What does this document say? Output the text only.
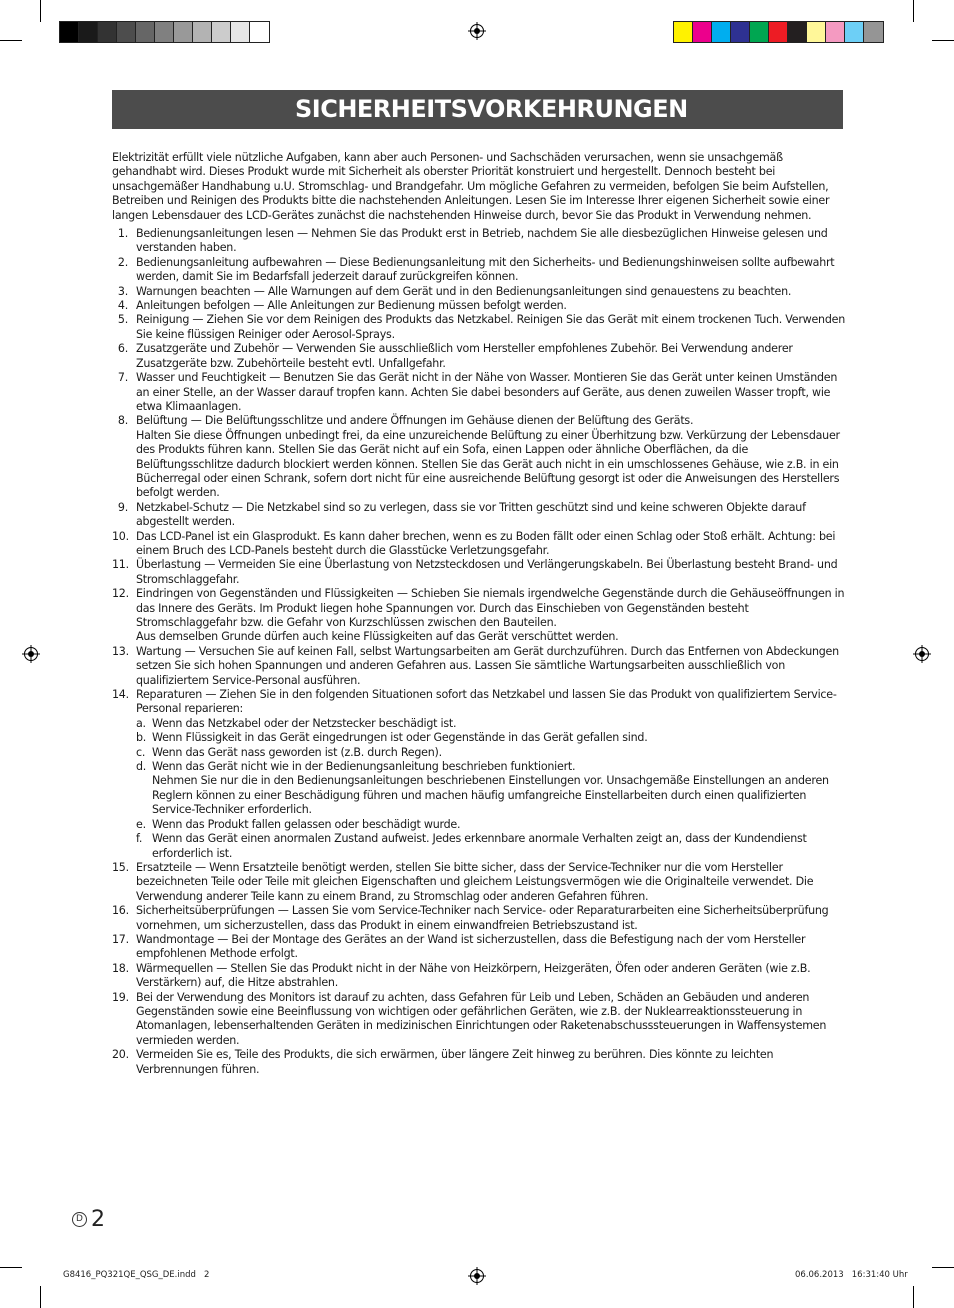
SICHERHEITSVORKEHRUNGEN

Elektrizität erfüllt viele nützliche Aufgaben, kann aber auch Personen- und Sachschäden verursachen, wenn sie unsachgemäß gehandhabt wird. Dieses Produkt wurde mit Sicherheit als oberster Priorität konstruiert und hergestellt. Dennoch besteht bei unsachgemäßer Handhabung u.U. Stromschlag- und Brandgefahr. Um mögliche Gefahren zu vermeiden, befolgen Sie beim Aufstellen, Betreiben und Reinigen des Produkts bitte die nachstehenden Anleitungen. Lesen Sie im Interesse Ihrer eigenen Sicherheit sowie einer langen Lebensdauer des LCD-Gerätes zunächst die nachstehenden Hinweise durch, bevor Sie das Produkt in Verwendung nehmen.

1. Bedienungsanleitungen lesen — Nehmen Sie das Produkt erst in Betrieb, nachdem Sie alle diesbezüglichen Hinweise gelesen und verstanden haben.
2. Bedienungsanleitung aufbewahren — Diese Bedienungsanleitung mit den Sicherheits- und Bedienungshinweisen sollte aufbewahrt werden, damit Sie im Bedarfsfall jederzeit darauf zurückgreifen können.
3. Warnungen beachten — Alle Warnungen auf dem Gerät und in den Bedienungsanleitungen sind genauestens zu beachten.
4. Anleitungen befolgen — Alle Anleitungen zur Bedienung müssen befolgt werden.
5. Reinigung — Ziehen Sie vor dem Reinigen des Produkts das Netzkabel. Reinigen Sie das Gerät mit einem trockenen Tuch. Verwenden Sie keine flüssigen Reiniger oder Aerosol-Sprays.
6. Zusatzgeräte und Zubehör — Verwenden Sie ausschließlich vom Hersteller empfohlenes Zubehör. Bei Verwendung anderer Zusatzgeräte bzw. Zubehörteile besteht evtl. Unfallgefahr.
7. Wasser und Feuchtigkeit — Benutzen Sie das Gerät nicht in der Nähe von Wasser. Montieren Sie das Gerät unter keinen Umständen an einer Stelle, an der Wasser darauf tropfen kann. Achten Sie dabei besonders auf Geräte, aus denen zuweilen Wasser tropft, wie etwa Klimaanlagen.
8. Belüftung — Die Belüftungsschlitze und andere Öffnungen im Gehäuse dienen der Belüftung des Geräts.
Halten Sie diese Öffnungen unbedingt frei, da eine unzureichende Belüftung zu einer Überhitzung bzw. Verkürzung der Lebensdauer des Produkts führen kann. Stellen Sie das Gerät nicht auf ein Sofa, einen Lappen oder ähnliche Oberflächen, da die Belüftungsschlitze dadurch blockiert werden können. Stellen Sie das Gerät auch nicht in ein umschlossenes Gehäuse, wie z.B. in ein Bücherregal oder einen Schrank, sofern dort nicht für eine ausreichende Belüftung gesorgt ist oder die Anweisungen des Herstellers befolgt werden.
9. Netzkabel-Schutz — Die Netzkabel sind so zu verlegen, dass sie vor Tritten geschützt sind und keine schweren Objekte darauf abgestellt werden.
10. Das LCD-Panel ist ein Glasprodukt. Es kann daher brechen, wenn es zu Boden fällt oder einen Schlag oder Stoß erhält. Achtung: bei einem Bruch des LCD-Panels besteht durch die Glasstücke Verletzungsgefahr.
11. Überlastung — Vermeiden Sie eine Überlastung von Netzsteckdosen und Verlängerungskabeln. Bei Überlastung besteht Brand- und Stromschlaggefahr.
12. Eindringen von Gegenständen und Flüssigkeiten — Schieben Sie niemals irgendwelche Gegenstände durch die Gehäuseöffnungen in das Innere des Geräts. Im Produkt liegen hohe Spannungen vor. Durch das Einschieben von Gegenständen besteht Stromschlaggefahr bzw. die Gefahr von Kurzschlüssen zwischen den Bauteilen.
Aus demselben Grunde dürfen auch keine Flüssigkeiten auf das Gerät verschüttet werden.
13. Wartung — Versuchen Sie auf keinen Fall, selbst Wartungsarbeiten am Gerät durchzuführen. Durch das Entfernen von Abdeckungen setzen Sie sich hohen Spannungen und anderen Gefahren aus. Lassen Sie sämtliche Wartungsarbeiten ausschließlich von qualifiziertem Service-Personal ausführen.
14. Reparaturen — Ziehen Sie in den folgenden Situationen sofort das Netzkabel und lassen Sie das Produkt von qualifiziertem Service-Personal reparieren:
a. Wenn das Netzkabel oder der Netzstecker beschädigt ist.
b. Wenn Flüssigkeit in das Gerät eingedrungen ist oder Gegenstände in das Gerät gefallen sind.
c. Wenn das Gerät nass geworden ist (z.B. durch Regen).
d. Wenn das Gerät nicht wie in der Bedienungsanleitung beschrieben funktioniert.
Nehmen Sie nur die in den Bedienungsanleitungen beschriebenen Einstellungen vor. Unsachgemäße Einstellungen an anderen Reglern können zu einer Beschädigung führen und machen häufig umfangreiche Einstellarbeiten durch einen qualifizierten Service-Techniker erforderlich.
e. Wenn das Produkt fallen gelassen oder beschädigt wurde.
f. Wenn das Gerät einen anormalen Zustand aufweist. Jedes erkennbare anormale Verhalten zeigt an, dass der Kundendienst erforderlich ist.
15. Ersatzteile — Wenn Ersatzteile benötigt werden, stellen Sie bitte sicher, dass der Service-Techniker nur die vom Hersteller bezeichneten Teile oder Teile mit gleichen Eigenschaften und gleichem Leistungsvermögen wie die Originalteile verwendet. Die Verwendung anderer Teile kann zu einem Brand, zu Stromschlag oder anderen Gefahren führen.
16. Sicherheitsüberprüfungen — Lassen Sie vom Service-Techniker nach Service- oder Reparaturarbeiten eine Sicherheitsüberprüfung vornehmen, um sicherzustellen, dass das Produkt in einem einwandfreien Betriebszustand ist.
17. Wandmontage — Bei der Montage des Gerätes an der Wand ist sicherzustellen, dass die Befestigung nach der vom Hersteller empfohlenen Methode erfolgt.
18. Wärmequellen — Stellen Sie das Produkt nicht in der Nähe von Heizkörpern, Heizgeräten, Öfen oder anderen Geräten (wie z.B. Verstärkern) auf, die Hitze abstrahlen.
19. Bei der Verwendung des Monitors ist darauf zu achten, dass Gefahren für Leib und Leben, Schäden an Gebäuden und anderen Gegenständen sowie eine Beeinflussung von wichtigen oder gefährlichen Geräten, wie z.B. der Nuklearreaktionssteuerung in Atomanlagen, lebenserhaltenden Geräten in medizinischen Einrichtungen oder Raketenabschusssteuerungen in Waffensystemen vermieden werden.
20. Vermeiden Sie es, Teile des Produkts, die sich erwärmen, über längere Zeit hinweg zu berühren. Dies könnte zu leichten Verbrennungen führen.
D 2
G8416_PQ321QE_QSG_DE.indd   2	06.06.2013   16:31:40 Uhr
